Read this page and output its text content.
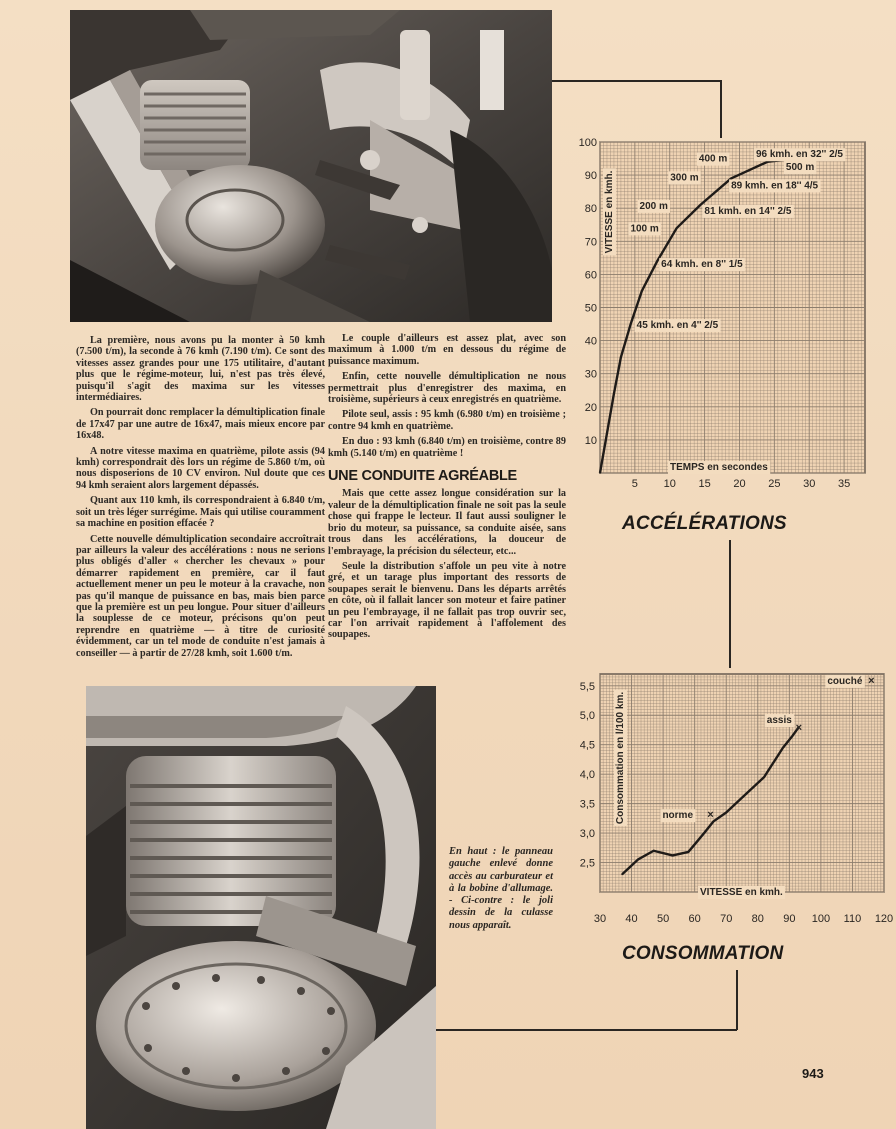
La première, nous avons pu la monter à 50 kmh (7.500 t/m), la seconde à 76 kmh (7.190 t/m). Ce sont des vitesses assez grandes pour une 175 utilitaire, d'autant plus que le régime-moteur, lui, n'est pas très élevé, puisqu'il s'agit des maxima sur les vitesses intermédiaires.

On pourrait donc remplacer la démultiplication finale de 17x47 par une autre de 16x47, mais mieux encore par 16x48.

A notre vitesse maxima en quatrième, pilote assis (94 kmh) correspondrait dès lors un régime de 5.860 t/m, où nous disposerions de 10 CV environ. Nul doute que ces 94 kmh seraient alors largement dépassés.

Quant aux 110 kmh, ils correspondraient à 6.840 t/m, soit un très léger surrégime. Mais qui utilise couramment sa machine en position effacée ?

Cette nouvelle démultiplication secondaire accroîtrait par ailleurs la valeur des accélérations : nous ne serions plus obligés d'aller « chercher les chevaux » pour démarrer rapidement en première, car il faut actuellement mener un peu le moteur à la cravache, non pas qu'il manque de puissance en bas, mais bien parce que la première est un peu longue. Pour situer d'ailleurs la souplesse de ce moteur, précisons qu'on peut reprendre en quatrième — à titre de curiosité évidemment, car un tel mode de conduite n'est jamais à conseiller — à partir de 27/28 kmh, soit 1.600 t/m.

Le couple d'ailleurs est assez plat, avec son maximum à 1.000 t/m en dessous du régime de puissance maximum.

Enfin, cette nouvelle démultiplication ne nous permettrait plus d'enregistrer des maxima, en troisième, supérieurs à ceux enregistrés en quatrième.

Pilote seul, assis : 95 kmh (6.980 t/m) en troisième ; contre 94 kmh en quatrième.

En duo : 93 kmh (6.840 t/m) en troisième, contre 89 kmh (5.140 t/m) en quatrième !

UNE CONDUITE AGRÉABLE

Mais que cette assez longue considération sur la valeur de la démultiplication finale ne soit pas la seule chose qui frappe le lecteur. Il faut aussi souligner le brio du moteur, sa puissance, sa conduite aisée, sans trous dans les accélérations, la douceur de l'embrayage, la précision du sélecteur, etc...

Seule la distribution s'affole un peu vite à notre gré, et un tarage plus important des ressorts de soupapes serait le bienvenu. Dans les départs arrêtés en côte, où il fallait lancer son moteur et faire patiner un peu l'embrayage, il ne fallait pas trop ouvrir sec, car l'on arrivait rapidement à l'affolement des soupapes.

10
20
30
40
50
60
70
80
90
100
5 10 15 20 25 30 35
45 kmh. en 4'' 2/5
64 kmh. en 8'' 1/5
81 kmh. en 14'' 2/5
89 kmh. en 18'' 4/5
96 kmh. en 32'' 2/5
100 m
200 m
300 m
400 m
500 m
TEMPS en secondes
VITESSE en kmh.
ACCÉLÉRATIONS
2,5
3,0
3,5
4,0
4,5
5,0
5,5
30 40 50 60 70 80 90 100 110 120
×
norme
×
assis
×
couché
VITESSE en kmh.
Consommation en l/100 km.
CONSOMMATION
En haut : le panneau gauche enlevé donne accès au carburateur et à la bobine d'allumage. - Ci-contre : le joli dessin de la culasse nous apparaît.
943
